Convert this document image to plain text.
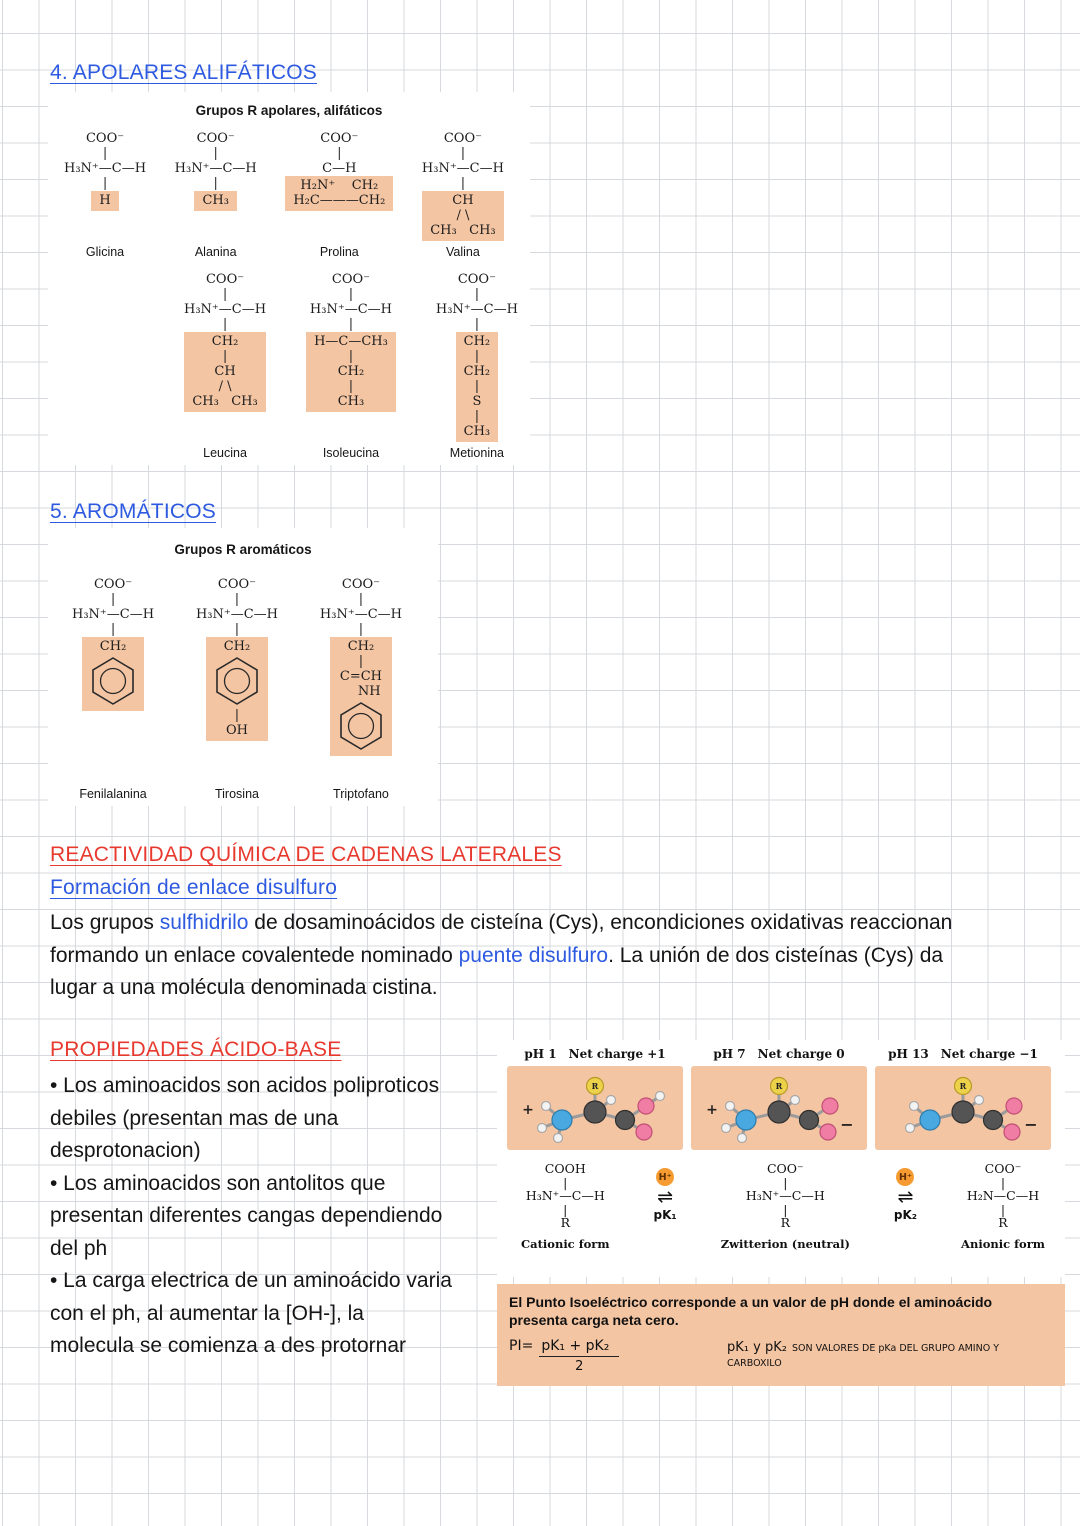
4. APOLARES ALIFÁTICOS
Grupos R apolares, alifáticos
COO⁻
|
H₃N⁺—C—H
|
H
Glicina
COO⁻
|
H₃N⁺—C—H
|
CH₃
Alanina
COO⁻
|
C—H
H₂N⁺    CH₂
H₂C———CH₂
Prolina
COO⁻
|
H₃N⁺—C—H
|
CH
/ \
CH₃   CH₃
Valina
COO⁻
|
H₃N⁺—C—H
|
CH₂
|
CH
/ \
CH₃   CH₃
Leucina
COO⁻
|
H₃N⁺—C—H
|
H—C—CH₃
|
CH₂
|
CH₃
Isoleucina
COO⁻
|
H₃N⁺—C—H
|
CH₂
|
CH₂
|
S
|
CH₃
Metionina
5. AROMÁTICOS
Grupos R aromáticos
COO⁻
|
H₃N⁺—C—H
|
CH₂
Fenilalanina
COO⁻
|
H₃N⁺—C—H
|
CH₂
|
OH
Tirosina
COO⁻
|
H₃N⁺—C—H
|
CH₂
|
C=CH
NH
Triptofano
REACTIVIDAD QUÍMICA DE CADENAS LATERALES
Formación de enlace disulfuro

Los grupos sulfhidrilo de dosaminoácidos de cisteína (Cys), encondiciones oxidativas reaccionan formando un enlace covalentede nominado puente disulfuro. La unión de dos cisteínas (Cys) da lugar a una molécula denominada cistina.

PROPIEDADES ÁCIDO-BASE

• Los aminoacidos son acidos poliproticos debiles (presentan mas de una desprotonacion)

• Los aminoacidos son antolitos que presentan diferentes cangas dependiendo del ph

• La carga electrica de un aminoácido varia con el ph, al aumentar la [OH-], la molecula se comienza a des protornar

pH 1 Net charge +1
R
+
pH 7 Net charge 0
R
+
−
pH 13 Net charge −1
R
−
COOH
|
H₃N⁺—C—H
|
R
Cationic form
H⁺
⇌
pK₁
COO⁻
|
H₃N⁺—C—H
|
R
Zwitterion (neutral)
H⁺
⇌
pK₂
COO⁻
|
H₂N—C—H
|
R
Anionic form

El Punto Isoeléctrico corresponde a un valor de pH donde el aminoácido presenta carga neta cero.

$PI= \frac{\text{pK₁ + pK₂}}{2}$	pK₁ y pK₂ SON VALORES DE pKa DEL GRUPO AMINO Y CARBOXILO
